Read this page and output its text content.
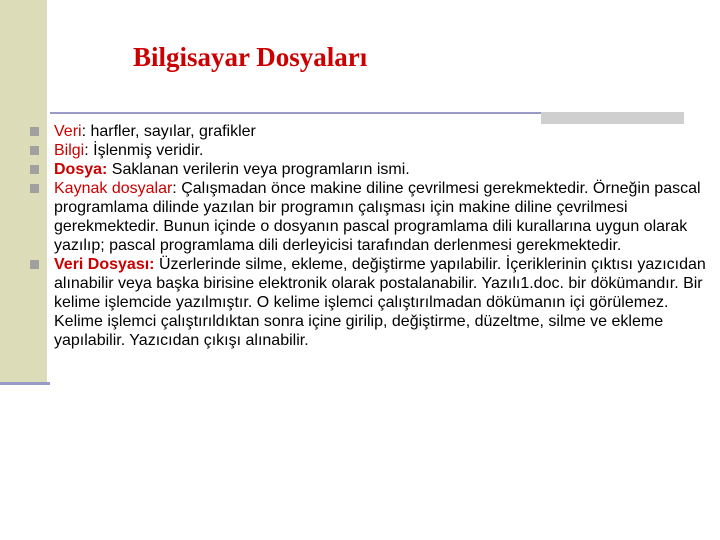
Bilgisayar Dosyaları
Veri: harfler, sayılar, grafikler
Bilgi: İşlenmiş veridir.
Dosya: Saklanan verilerin veya programların ismi.
Kaynak dosyalar: Çalışmadan önce makine diline çevrilmesi gerekmektedir. Örneğin pascal programlama dilinde yazılan bir programın çalışması için makine diline çevrilmesi gerekmektedir. Bunun içinde o dosyanın pascal programlama dili kurallarına uygun olarak yazılıp; pascal programlama dili derleyicisi tarafından derlenmesi gerekmektedir.
Veri Dosyası: Üzerlerinde silme, ekleme, değiştirme yapılabilir. İçeriklerinin çıktısı yazıcıdan alınabilir veya başka birisine elektronik olarak postalanabilir. Yazılı1.doc. bir dökümandır. Bir kelime işlemcide yazılmıştır. O kelime işlemci çalıştırılmadan dökümanın içi görülemez. Kelime işlemci çalıştırıldıktan sonra içine girilip, değiştirme, düzeltme, silme ve ekleme yapılabilir. Yazıcıdan çıkışı alınabilir.
